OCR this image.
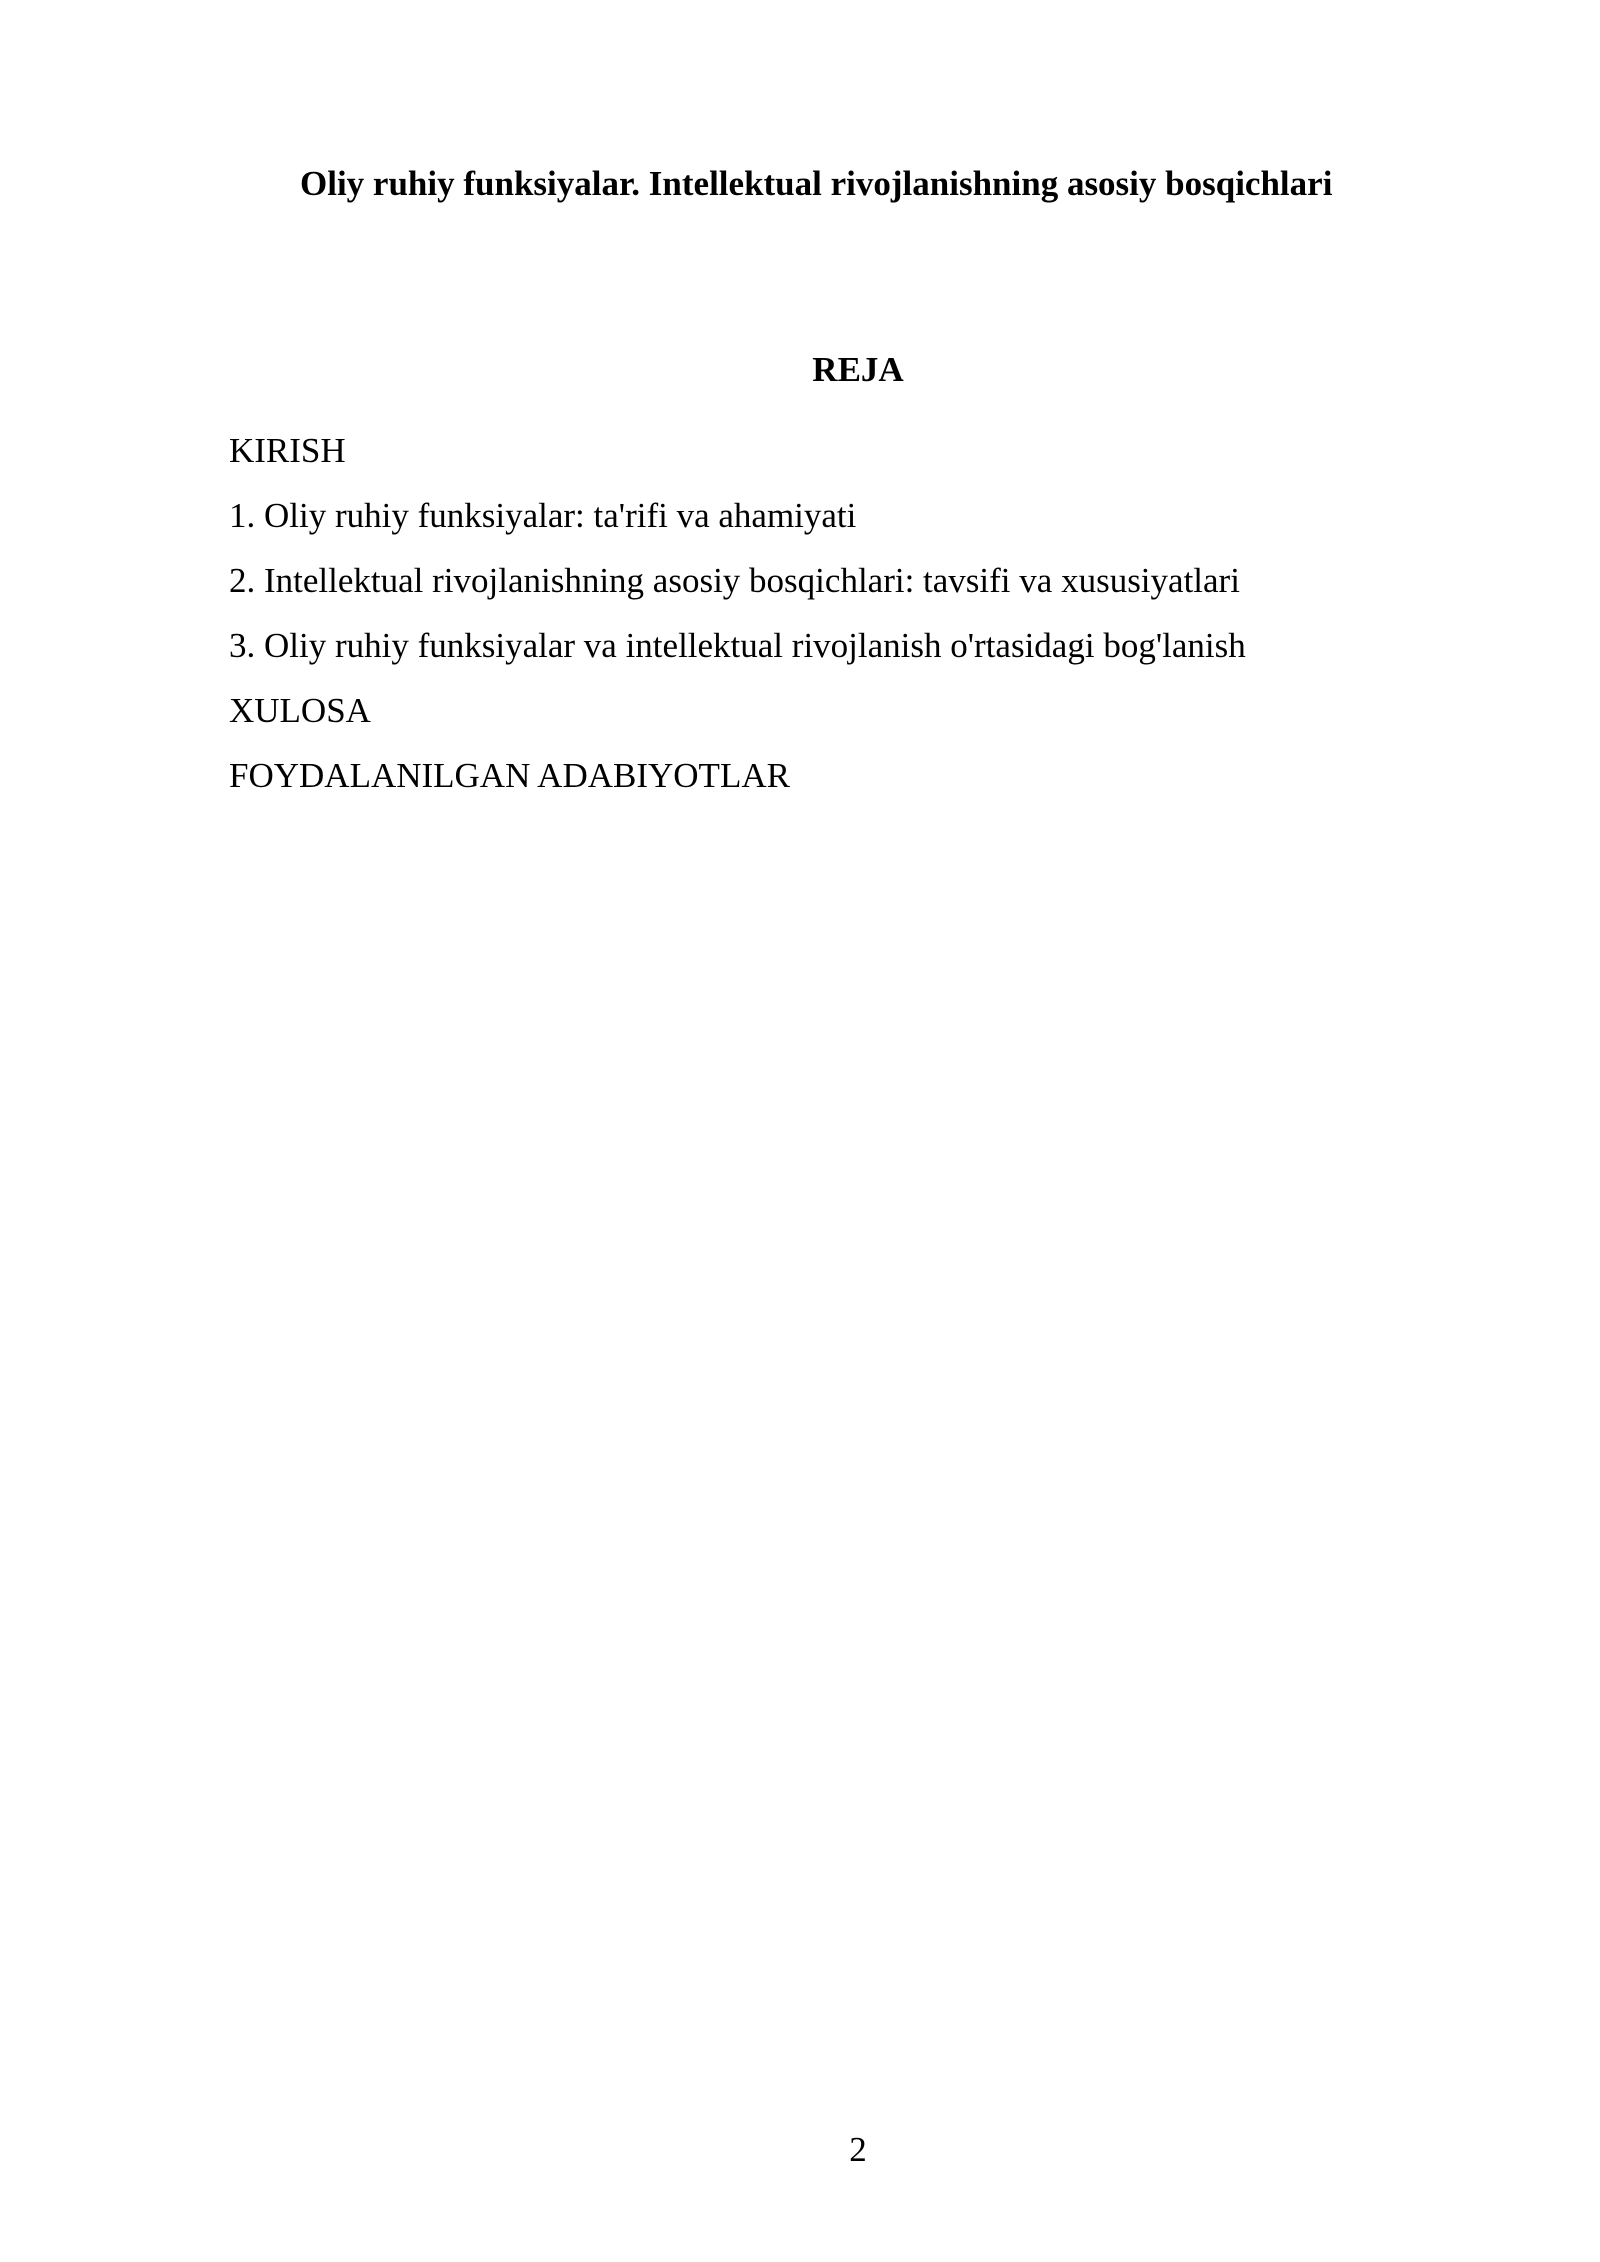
Oliy ruhiy funksiyalar. Intellektual rivojlanishning asosiy bosqichlari
REJA
KIRISH
1. Oliy ruhiy funksiyalar: ta'rifi va ahamiyati
2. Intellektual rivojlanishning asosiy bosqichlari: tavsifi va xususiyatlari
3. Oliy ruhiy funksiyalar va intellektual rivojlanish o'rtasidagi bog'lanish
XULOSA
FOYDALANILGAN ADABIYOTLAR
2
